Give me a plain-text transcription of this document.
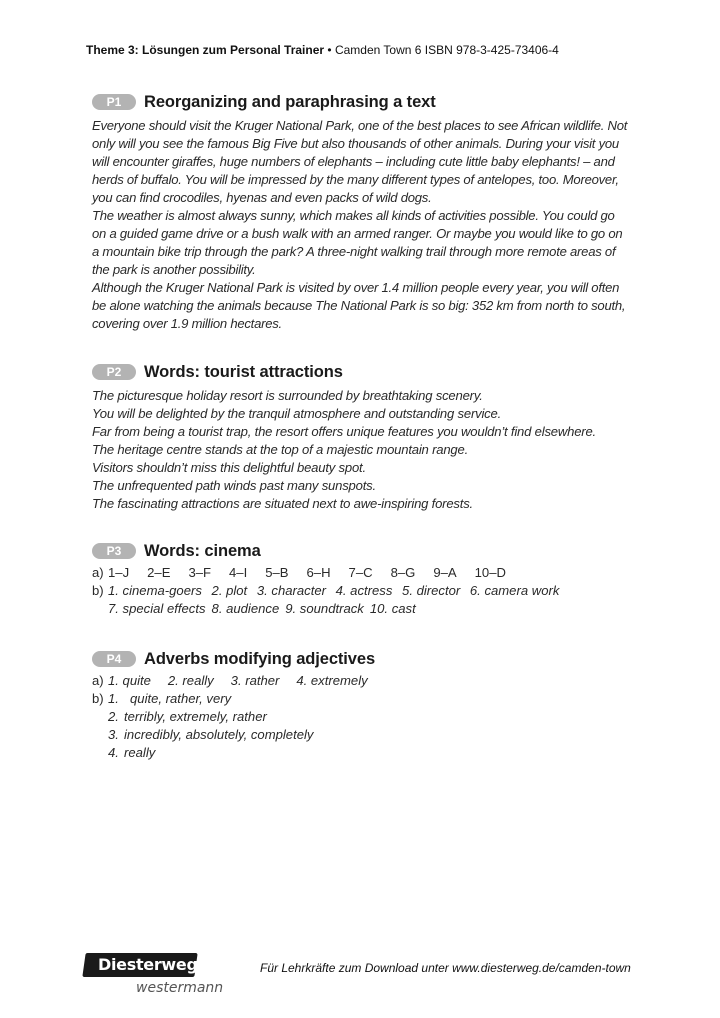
Theme 3: Lösungen zum Personal Trainer • Camden Town 6 ISBN 978-3-425-73406-4
P1	Reorganizing and paraphrasing a text

Everyone should visit the Kruger National Park, one of the best places to see African wildlife. Not only will you see the famous Big Five but also thousands of other animals. During your visit you will encounter giraffes, huge numbers of elephants – including cute little baby elephants! – and herds of buffalo. You will be impressed by the many different types of antelopes, too. Moreover, you can find crocodiles, hyenas and even packs of wild dogs.

The weather is almost always sunny, which makes all kinds of activities possible. You could go on a guided game drive or a bush walk with an armed ranger. Or maybe you would like to go on a mountain bike trip through the park? A three-night walking trail through more remote areas of the park is another possibility.

Although the Kruger National Park is visited by over 1.4 million people every year, you will often be alone watching the animals because The National Park is so big: 352 km from north to south, covering over 1.9 million hectares.

P2	Words: tourist attractions

The picturesque holiday resort is surrounded by breathtaking scenery.

You will be delighted by the tranquil atmosphere and outstanding service.

Far from being a tourist trap, the resort offers unique features you wouldn’t find elsewhere.

The heritage centre stands at the top of a majestic mountain range.

Visitors shouldn’t miss this delightful beauty spot.

The unfrequented path winds past many sunspots.

The fascinating attractions are situated next to awe-inspiring forests.

P3	Words: cinema
a) 1–J 2–E 3–F 4–I 5–B 6–H 7–C 8–G 9–A 10–D
b) 1. cinema-goers 2. plot 3. character 4. actress 5. director 6. camera work
7. special effects 8. audience 9. soundtrack 10. cast
P4	Adverbs modifying adjectives
a) 1. quite 2. really 3. rather 4. extremely
b) 1. quite, rather, very
2. terribly, extremely, rather
3. incredibly, absolutely, completely
4. really
Diesterweg
westermann
Für Lehrkräfte zum Download unter www.diesterweg.de/camden-town
